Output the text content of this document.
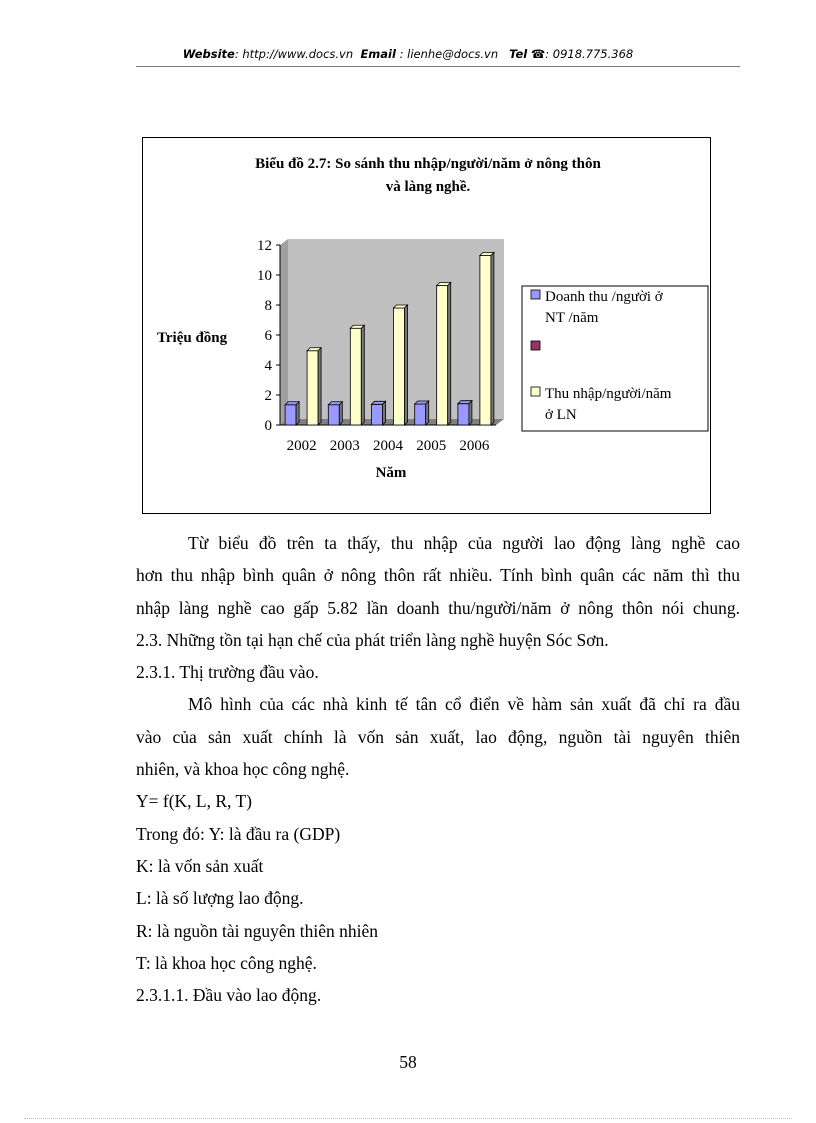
Website: http://www.docs.vn Email : lienhe@docs.vn Tel ☎: 0918.775.368
Biểu đồ 2.7: So sánh thu nhập/người/năm ở nông thôn
và làng nghề.
Triệu đồng
Năm
0
2
4
6
8
10
12
2002 2003 2004 2005 2006
Doanh thu /người ở
NT /năm
Thu nhập/người/năm
ở LN

Từ biểu đồ trên ta thấy, thu nhập của người lao động làng nghề cao

hơn thu nhập bình quân ở nông thôn rất nhiều. Tính bình quân các năm thì thu

nhập làng nghề cao gấp 5.82 lần doanh thu/người/năm ở nông thôn nói chung.

2.3. Những tồn tại hạn chế của phát triển làng nghề huyện Sóc Sơn.

2.3.1. Thị trường đầu vào.

Mô hình của các nhà kinh tế tân cổ điển về hàm sản xuất đã chỉ ra đầu

vào của sản xuất chính là vốn sản xuất, lao động, nguồn tài nguyên thiên

nhiên, và khoa học công nghệ.

Y= f(K, L, R, T)

Trong đó: Y: là đầu ra (GDP)

K: là vốn sản xuất

L: là số lượng lao động.

R: là nguồn tài nguyên thiên nhiên

T: là khoa học công nghệ.

2.3.1.1. Đầu vào lao động.

58
